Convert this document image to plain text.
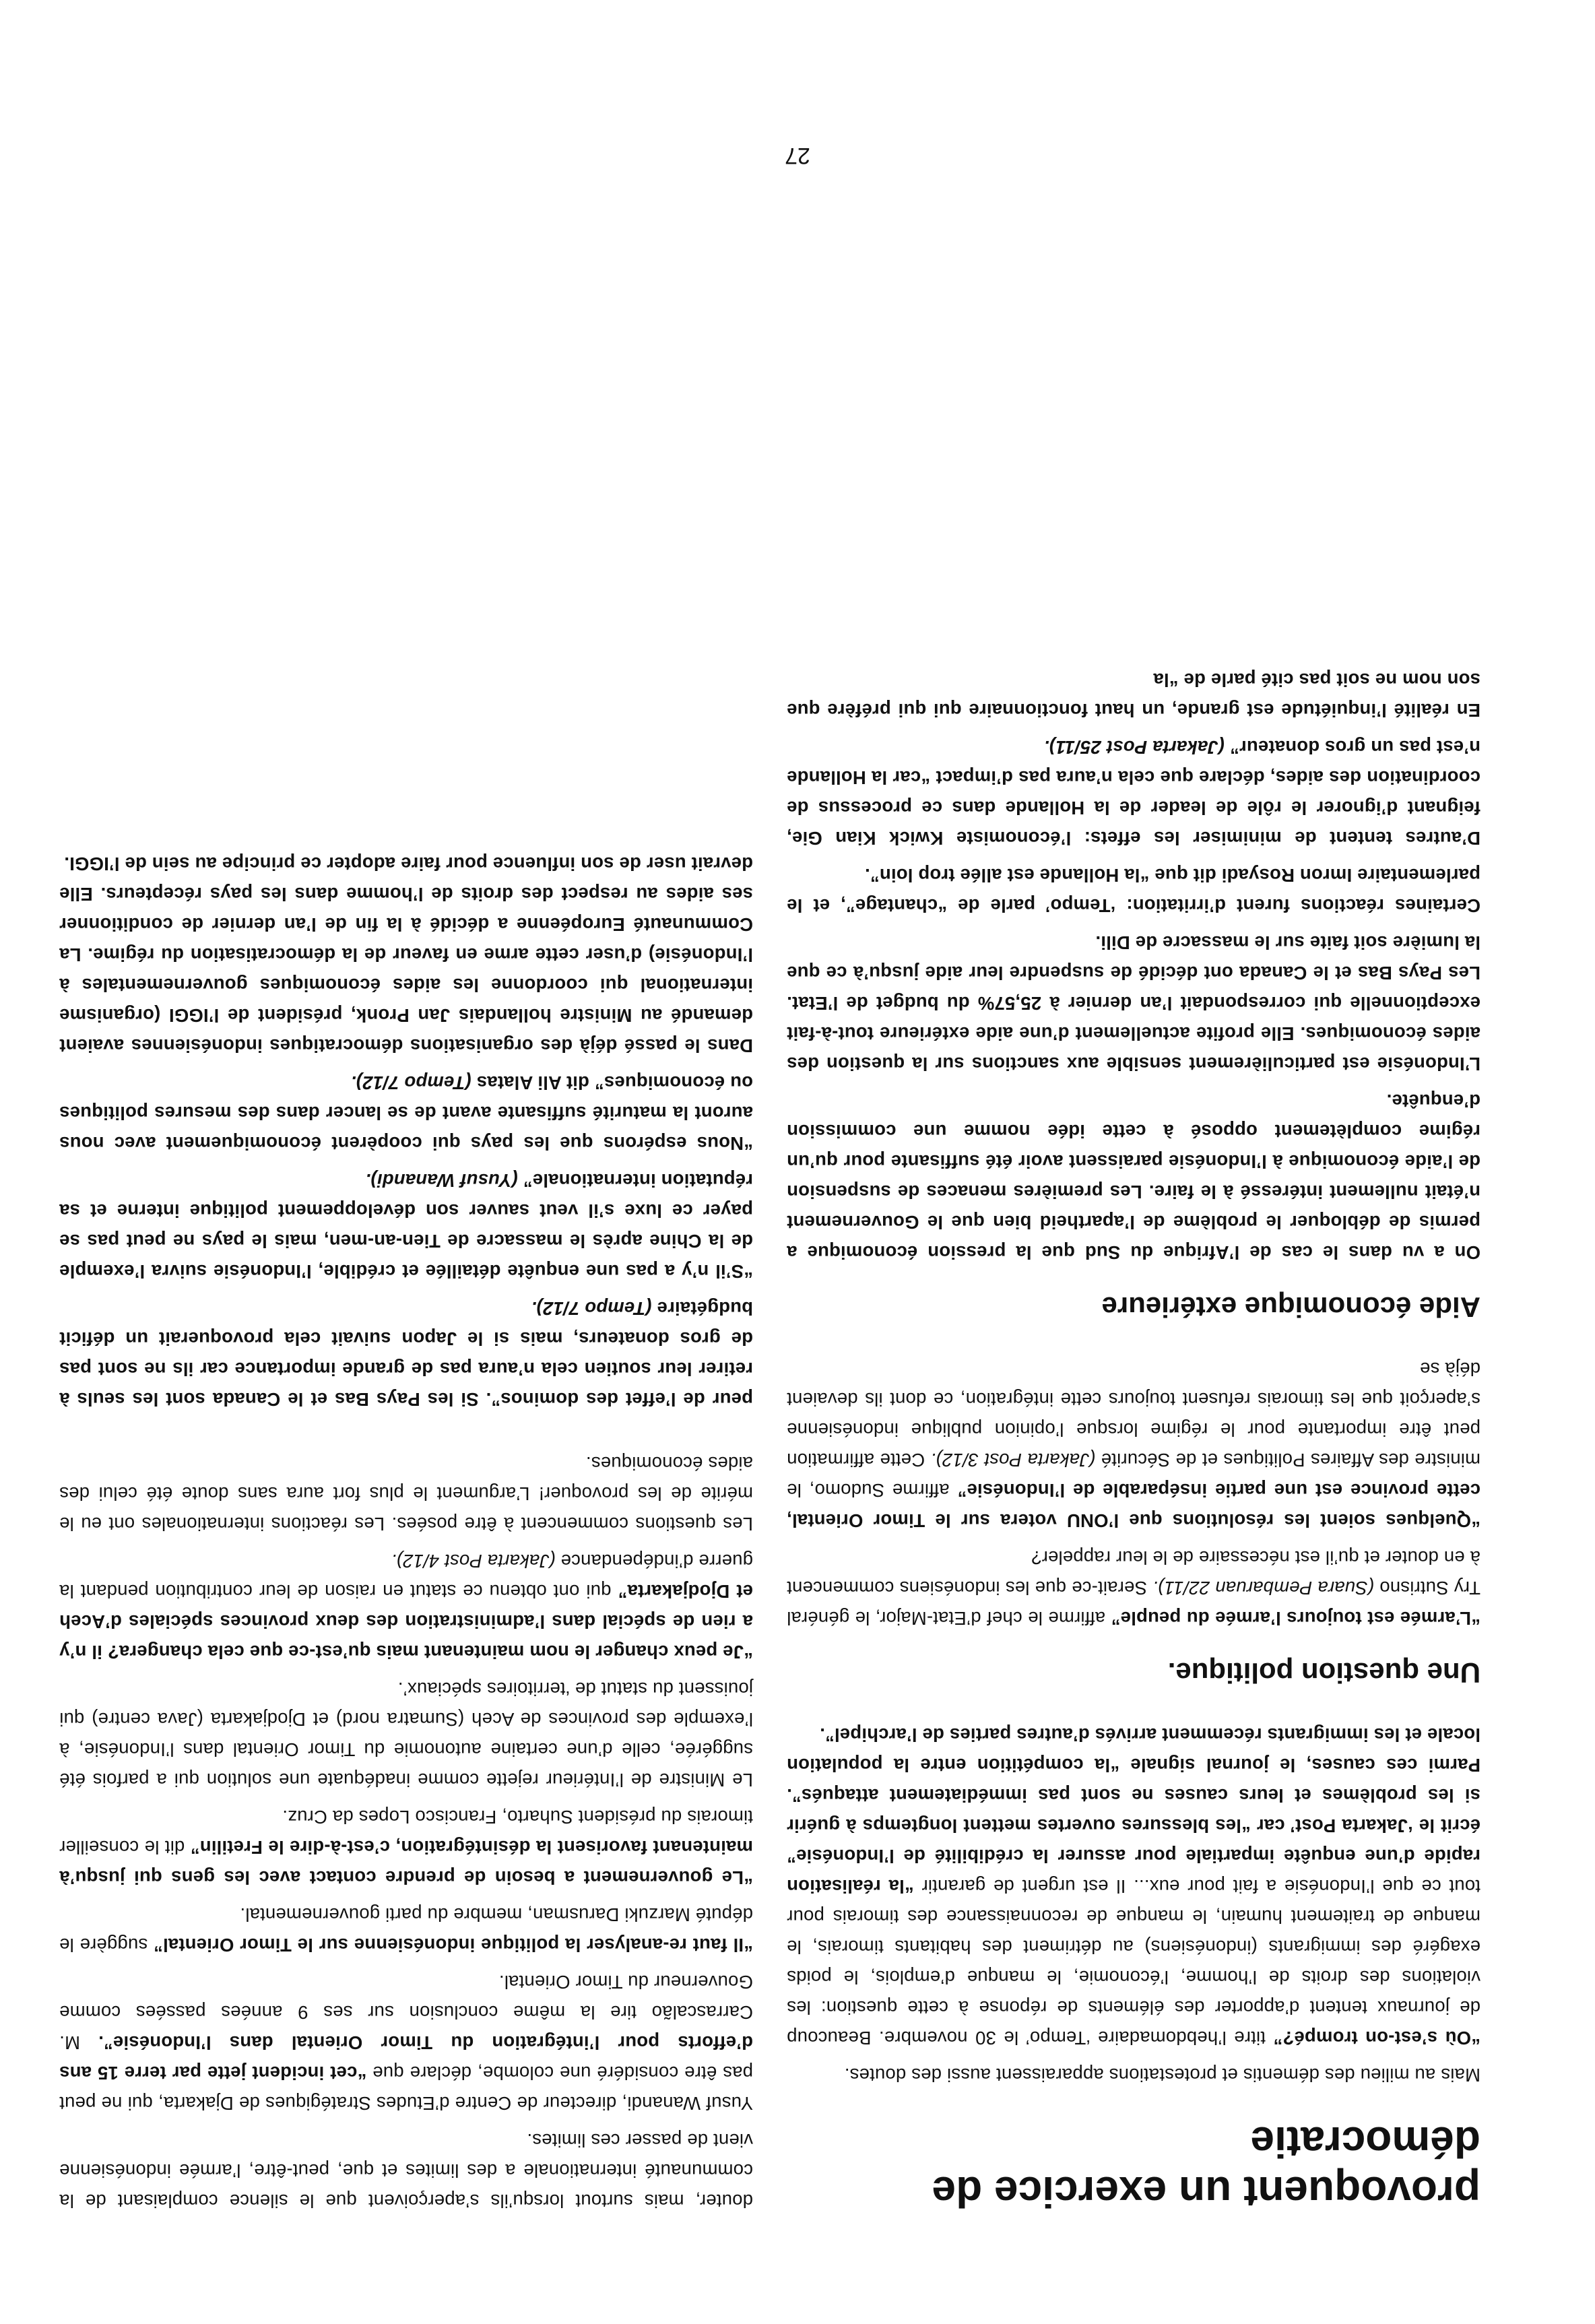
provoquent un exercice de démocratie

Mais au milieu des démentis et protestations apparaissent aussi des doutes.

“Où s’est-on trompé?” titre l’hebdomadaire ‘Tempo’ le 30 novembre. Beaucoup de journaux tentent d’apporter des éléments de réponse à cette question: les violations des droits de l’homme, l’économie, le manque d’emplois, le poids exagéré des immigrants (indonésiens) au détriment des habitants timorais, le manque de traitement humain, le manque de reconnaissance des timorais pour tout ce que l’Indonésie a fait pour eux... Il est urgent de garantir “la réalisation rapide d’une enquête impartiale pour assurer la crédibilité de l’Indonésie” écrit le ‘Jakarta Post’ car “les blessures ouvertes mettent longtemps à guérir si les problèmes et leurs causes ne sont pas immédiatement attaqués”. Parmi ces causes, le journal signale “la compétition entre la population locale et les immigrants récemment arrivés d’autres parties de l’archipel”.

Une question politique.

“L’armée est toujours l’armée du peuple” affirme le chef d’Etat-Major, le général Try Sutrisno (Suara Pembaruan 22/11). Serait-ce que les indonésiens commencent à en douter et qu’il est nécessaire de le leur rappeler?

“Quelques soient les résolutions que l’ONU votera sur le Timor Oriental, cette province est une partie inséparable de l’Indonésie” affirme Sudomo, le ministre des Affaires Politiques et de Sécurité (Jakarta Post 3/12). Cette affirmation peut être importante pour le régime lorsque l’opinion publique indonésienne s’aperçoit que les timorais refusent toujours cette intégration, ce dont ils devaient déjà se

Aide économique extérieure

On a vu dans le cas de l’Afrique du Sud que la pression économique a permis de débloquer le problème de l’apartheid bien que le Gouvernement n’était nullement intéressé à le faire. Les premières menaces de suspension de l’aide économique à l’Indonésie paraissent avoir été suffisante pour qu’un régime complètement opposé à cette idée nomme une commission d’enquête.

L’Indonésie est particulièrement sensible aux sanctions sur la question des aides économiques. Elle profite actuellement d’une aide extérieure tout-à-fait exceptionnelle qui correspondait l’an dernier à 25,57% du budget de l’Etat. Les Pays Bas et le Canada ont décidé de suspendre leur aide jusqu’à ce que la lumière soit faite sur le massacre de Dili.

Certaines réactions furent d’irritation: ‘Tempo’ parle de “chantage”, et le parlementaire Imron Rosyadi dit que “la Hollande est allée trop loin”.

D’autres tentent de minimiser les effets: l’économiste Kwick Kian Gie, feignant d’ignorer le rôle de leader de la Hollande dans ce processus de coordination des aides, déclare que cela n’aura pas d’impact “car la Hollande n’est pas un gros donateur” (Jakarta Post 25/11).

En réalité l’inquiétude est grande, un haut fonctionnaire qui qui préfère que son nom ne soit pas cité parle de “la

douter, mais surtout lorsqu’ils s’aperçoivent que le silence complaisant de la communauté internationale a des limites et que, peut-être, l’armée indonésienne vient de passer ces limites.

Yusuf Wanandi, directeur de Centre d’Etudes Stratégiques de Djakarta, qui ne peut pas être considéré une colombe, déclare que “cet incident jette par terre 15 ans d’efforts pour l’intégration du Timor Oriental dans l’Indonésie”. M. Carrascalão tire la même conclusion sur ses 9 années passées comme Gouverneur du Timor Oriental.

“Il faut re-analyser la politique indonésienne sur le Timor Oriental” suggère le député Marzuki Darusman, membre du parti gouvernemental.

“Le gouvernement a besoin de prendre contact avec les gens qui jusqu’à maintenant favorisent la désintégration, c’est-à-dire le Fretilin” dit le conseiller timorais du président Suharto, Francisco Lopes da Cruz.

Le Ministre de l’Intérieur rejette comme inadéquate une solution qui a parfois été suggérée, celle d’une certaine autonomie du Timor Oriental dans l’Indonésie, à l’exemple des provinces de Aceh (Sumatra nord) et Djodjakarta (Java centre) qui jouissent du statut de ‘territoires spéciaux’.

“Je peux changer le nom maintenant mais qu’est-ce que cela changera? il n’y a rien de spécial dans l’administration des deux provinces spéciales d’Aceh et Djodjakarta” qui ont obtenu ce statut en raison de leur contribution pendant la guerre d’indépendance (Jakarta Post 4/12).

Les questions commencent à être posées. Les réactions internationales ont eu le mérite de les provoquer! L’argument le plus fort aura sans doute été celui des aides économiques.

peur de l’effet des dominos”. Si les Pays Bas et le Canada sont les seuls à retirer leur soutien cela n’aura pas de grande importance car ils ne sont pas de gros donateurs, mais si le Japon suivait cela provoquerait un déficit budgétaire (Tempo 7/12).

“S’il n’y a pas une enquête détaillée et crédible, l’Indonésie suivra l’exemple de la Chine après le massacre de Tien-an-men, mais le pays ne peut pas se payer ce luxe s’il veut sauver son développement politique interne et sa réputation internationale” (Yusuf Wanandi).

“Nous espérons que les pays qui coopèrent économiquement avec nous auront la maturité suffisante avant de se lancer dans des mesures politiques ou économiques” dit Ali Alatas (Tempo 7/12).

Dans le passé déjà des organisations démocratiques indonésiennes avaient demandé au Ministre hollandais Jan Pronk, président de l’IGGI (organisme international qui coordonne les aides économiques gouvernementales à l’Indonésie) d’user cette arme en faveur de la démocratisation du régime. La Communauté Européenne a décidé à la fin de l’an dernier de conditionner ses aides au respect des droits de l’homme dans les pays récepteurs. Elle devrait user de son influence pour faire adopter ce principe au sein de l’IGGI.

27
